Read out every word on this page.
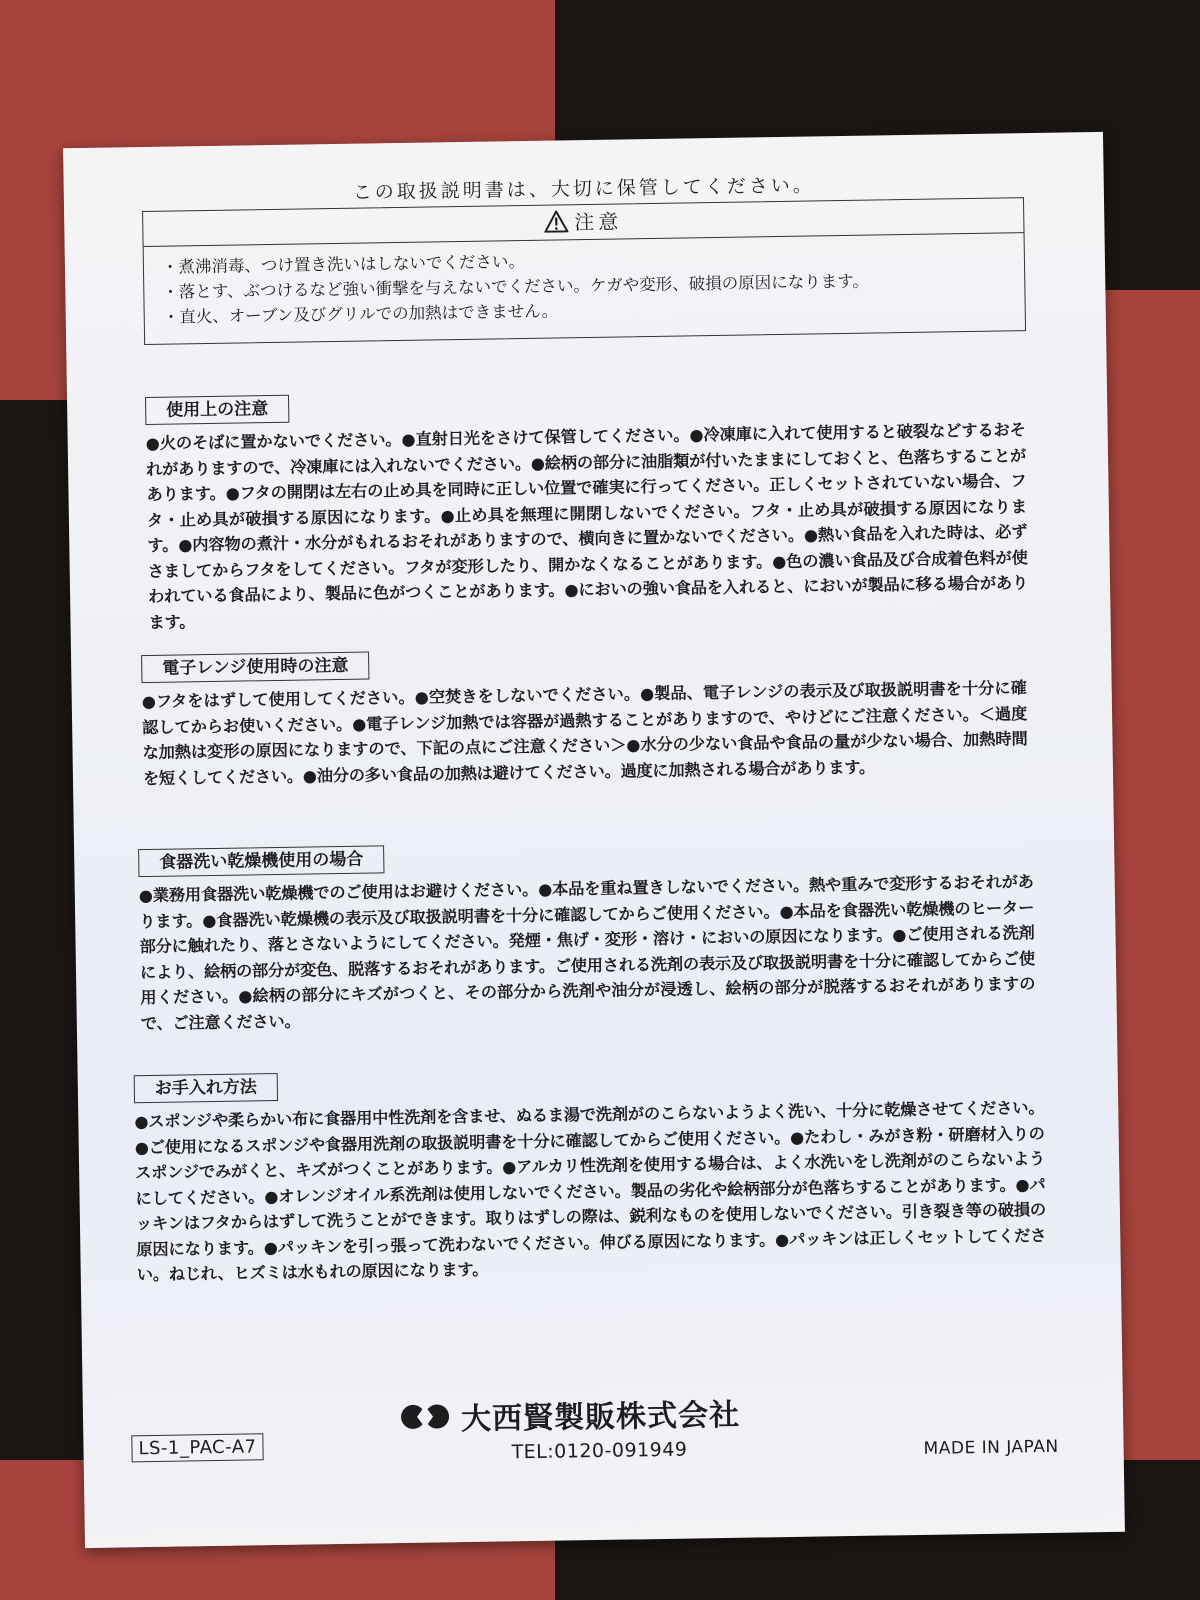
この取扱説明書は、大切に保管してください。
注意
・煮沸消毒、つけ置き洗いはしないでください。
・落とす、ぶつけるなど強い衝撃を与えないでください。ケガや変形、破損の原因になります。
・直火、オーブン及びグリルでの加熱はできません。
使用上の注意
●火のそばに置かないでください。●直射日光をさけて保管してください。●冷凍庫に入れて使用すると破裂などするおそれがありますので、冷凍庫には入れないでください。●絵柄の部分に油脂類が付いたままにしておくと、色落ちすることがあります。●フタの開閉は左右の止め具を同時に正しい位置で確実に行ってください。正しくセットされていない場合、フタ・止め具が破損する原因になります。●止め具を無理に開閉しないでください。フタ・止め具が破損する原因になります。●内容物の煮汁・水分がもれるおそれがありますので、横向きに置かないでください。●熱い食品を入れた時は、必ずさましてからフタをしてください。フタが変形したり、開かなくなることがあります。●色の濃い食品及び合成着色料が使われている食品により、製品に色がつくことがあります。●においの強い食品を入れると、においが製品に移る場合があります。
電子レンジ使用時の注意
●フタをはずして使用してください。●空焚きをしないでください。●製品、電子レンジの表示及び取扱説明書を十分に確認してからお使いください。●電子レンジ加熱では容器が過熱することがありますので、やけどにご注意ください。＜過度な加熱は変形の原因になりますので、下記の点にご注意ください＞●水分の少ない食品や食品の量が少ない場合、加熱時間を短くしてください。●油分の多い食品の加熱は避けてください。過度に加熱される場合があります。
食器洗い乾燥機使用の場合
●業務用食器洗い乾燥機でのご使用はお避けください。●本品を重ね置きしないでください。熱や重みで変形するおそれがあります。●食器洗い乾燥機の表示及び取扱説明書を十分に確認してからご使用ください。●本品を食器洗い乾燥機のヒーター部分に触れたり、落とさないようにしてください。発煙・焦げ・変形・溶け・においの原因になります。●ご使用される洗剤により、絵柄の部分が変色、脱落するおそれがあります。ご使用される洗剤の表示及び取扱説明書を十分に確認してからご使用ください。●絵柄の部分にキズがつくと、その部分から洗剤や油分が浸透し、絵柄の部分が脱落するおそれがありますので、ご注意ください。
お手入れ方法
●スポンジや柔らかい布に食器用中性洗剤を含ませ、ぬるま湯で洗剤がのこらないようよく洗い、十分に乾燥させてください。●ご使用になるスポンジや食器用洗剤の取扱説明書を十分に確認してからご使用ください。●たわし・みがき粉・研磨材入りのスポンジでみがくと、キズがつくことがあります。●アルカリ性洗剤を使用する場合は、よく水洗いをし洗剤がのこらないようにしてください。●オレンジオイル系洗剤は使用しないでください。製品の劣化や絵柄部分が色落ちすることがあります。●パッキンはフタからはずして洗うことができます。取りはずしの際は、鋭利なものを使用しないでください。引き裂き等の破損の原因になります。●パッキンを引っ張って洗わないでください。伸びる原因になります。●パッキンは正しくセットしてください。ねじれ、ヒズミは水もれの原因になります。
LS-1_PAC-A7
大西賢製販株式会社
TEL:0120-091949	MADE IN JAPAN
